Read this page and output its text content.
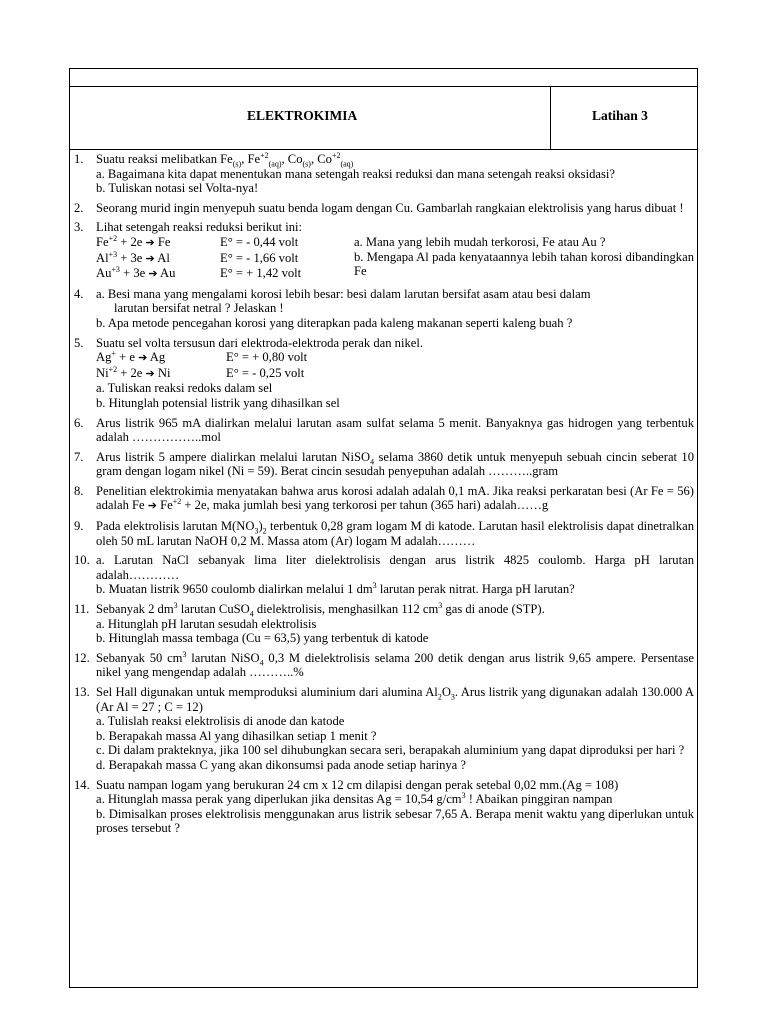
ELEKTROKIMIA	Latihan 3
1. Suatu reaksi melibatkan $Fe_{(s)}$, $Fe^{+2}_{(aq)}$, $Co_{(s)}$, $Co^{+2}_{(aq)}$
a. Bagaimana kita dapat menentukan mana setengah reaksi reduksi dan mana setengah reaksi oksidasi?
b. Tuliskan notasi sel Volta-nya!
2. Seorang murid ingin menyepuh suatu benda logam dengan Cu. Gambarlah rangkaian elektrolisis yang harus dibuat !
3. Lihat setengah reaksi reduksi berikut ini:
$Fe^{+2} + 2e$ ➔ Fe	E° = - 0,44 volt
$Al^{+3} + 3e$ ➔ Al	E° = - 1,66 volt
$Au^{+3} + 3e$ ➔ Au	E° = + 1,42 volt
a. Mana yang lebih mudah terkorosi, Fe atau Au ?
b. Mengapa Al pada kenyataannya lebih tahan korosi dibandingkan Fe
4. a. Besi mana yang mengalami korosi lebih besar: besi dalam larutan bersifat asam atau besi dalam
larutan bersifat netral ? Jelaskan !
b. Apa metode pencegahan korosi yang diterapkan pada kaleng makanan seperti kaleng buah ?
5. Suatu sel volta tersusun dari elektroda-elektroda perak dan nikel.
Ag+ + e ➔ Ag	E° = + 0,80 volt
$Ni^{+2} + 2e$ ➔ Ni	E° = - 0,25 volt
a. Tuliskan reaksi redoks dalam sel
b. Hitunglah potensial listrik yang dihasilkan sel
6. Arus listrik 965 mA dialirkan melalui larutan asam sulfat selama 5 menit. Banyaknya gas hidrogen yang terbentuk adalah ……………..mol
7. Arus listrik 5 ampere dialirkan melalui larutan NiSO$_4$ selama 3860 detik untuk menyepuh sebuah cincin seberat 10 gram dengan logam nikel (Ni = 59). Berat cincin sesudah penyepuhan adalah ………..gram
8. Penelitian elektrokimia menyatakan bahwa arus korosi adalah adalah 0,1 mA. Jika reaksi perkaratan besi (Ar Fe = 56) adalah Fe ➔ $Fe^{+2} + 2e$, maka jumlah besi yang terkorosi per tahun (365 hari) adalah……g
9. Pada elektrolisis larutan $M(NO_3)_2$ terbentuk 0,28 gram logam M di katode. Larutan hasil elektrolisis dapat dinetralkan oleh 50 mL larutan NaOH 0,2 M. Massa atom (Ar) logam M adalah………
10. a. Larutan NaCl sebanyak lima liter dielektrolisis dengan arus listrik 4825 coulomb. Harga pH larutan adalah…………
b. Muatan listrik 9650 coulomb dialirkan melalui 1 $dm^3$ larutan perak nitrat. Harga pH larutan?
11. Sebanyak 2 $dm^3$ larutan CuSO$_4$ dielektrolisis, menghasilkan 112 $cm^3$ gas di anode (STP).
a. Hitunglah pH larutan sesudah elektrolisis
b. Hitunglah massa tembaga (Cu = 63,5) yang terbentuk di katode
12. Sebanyak 50 $cm^3$ larutan NiSO$_4$ 0,3 M dielektrolisis selama 200 detik dengan arus listrik 9,65 ampere. Persentase nikel yang mengendap adalah ………..%
13. Sel Hall digunakan untuk memproduksi aluminium dari alumina $Al_2O_3$. Arus listrik yang digunakan adalah 130.000 A (Ar Al = 27 ; C = 12)
a. Tulislah reaksi elektrolisis di anode dan katode
b. Berapakah massa Al yang dihasilkan setiap 1 menit ?
c. Di dalam prakteknya, jika 100 sel dihubungkan secara seri, berapakah aluminium yang dapat diproduksi per hari ?
d. Berapakah massa C yang akan dikonsumsi pada anode setiap harinya ?
14. Suatu nampan logam yang berukuran 24 cm x 12 cm dilapisi dengan perak setebal 0,02 mm.(Ag = 108)
a. Hitunglah massa perak yang diperlukan jika densitas Ag = 10,54 $g/cm^3$ ! Abaikan pinggiran nampan
b. Dimisalkan proses elektrolisis menggunakan arus listrik sebesar 7,65 A. Berapa menit waktu yang diperlukan untuk proses tersebut ?
